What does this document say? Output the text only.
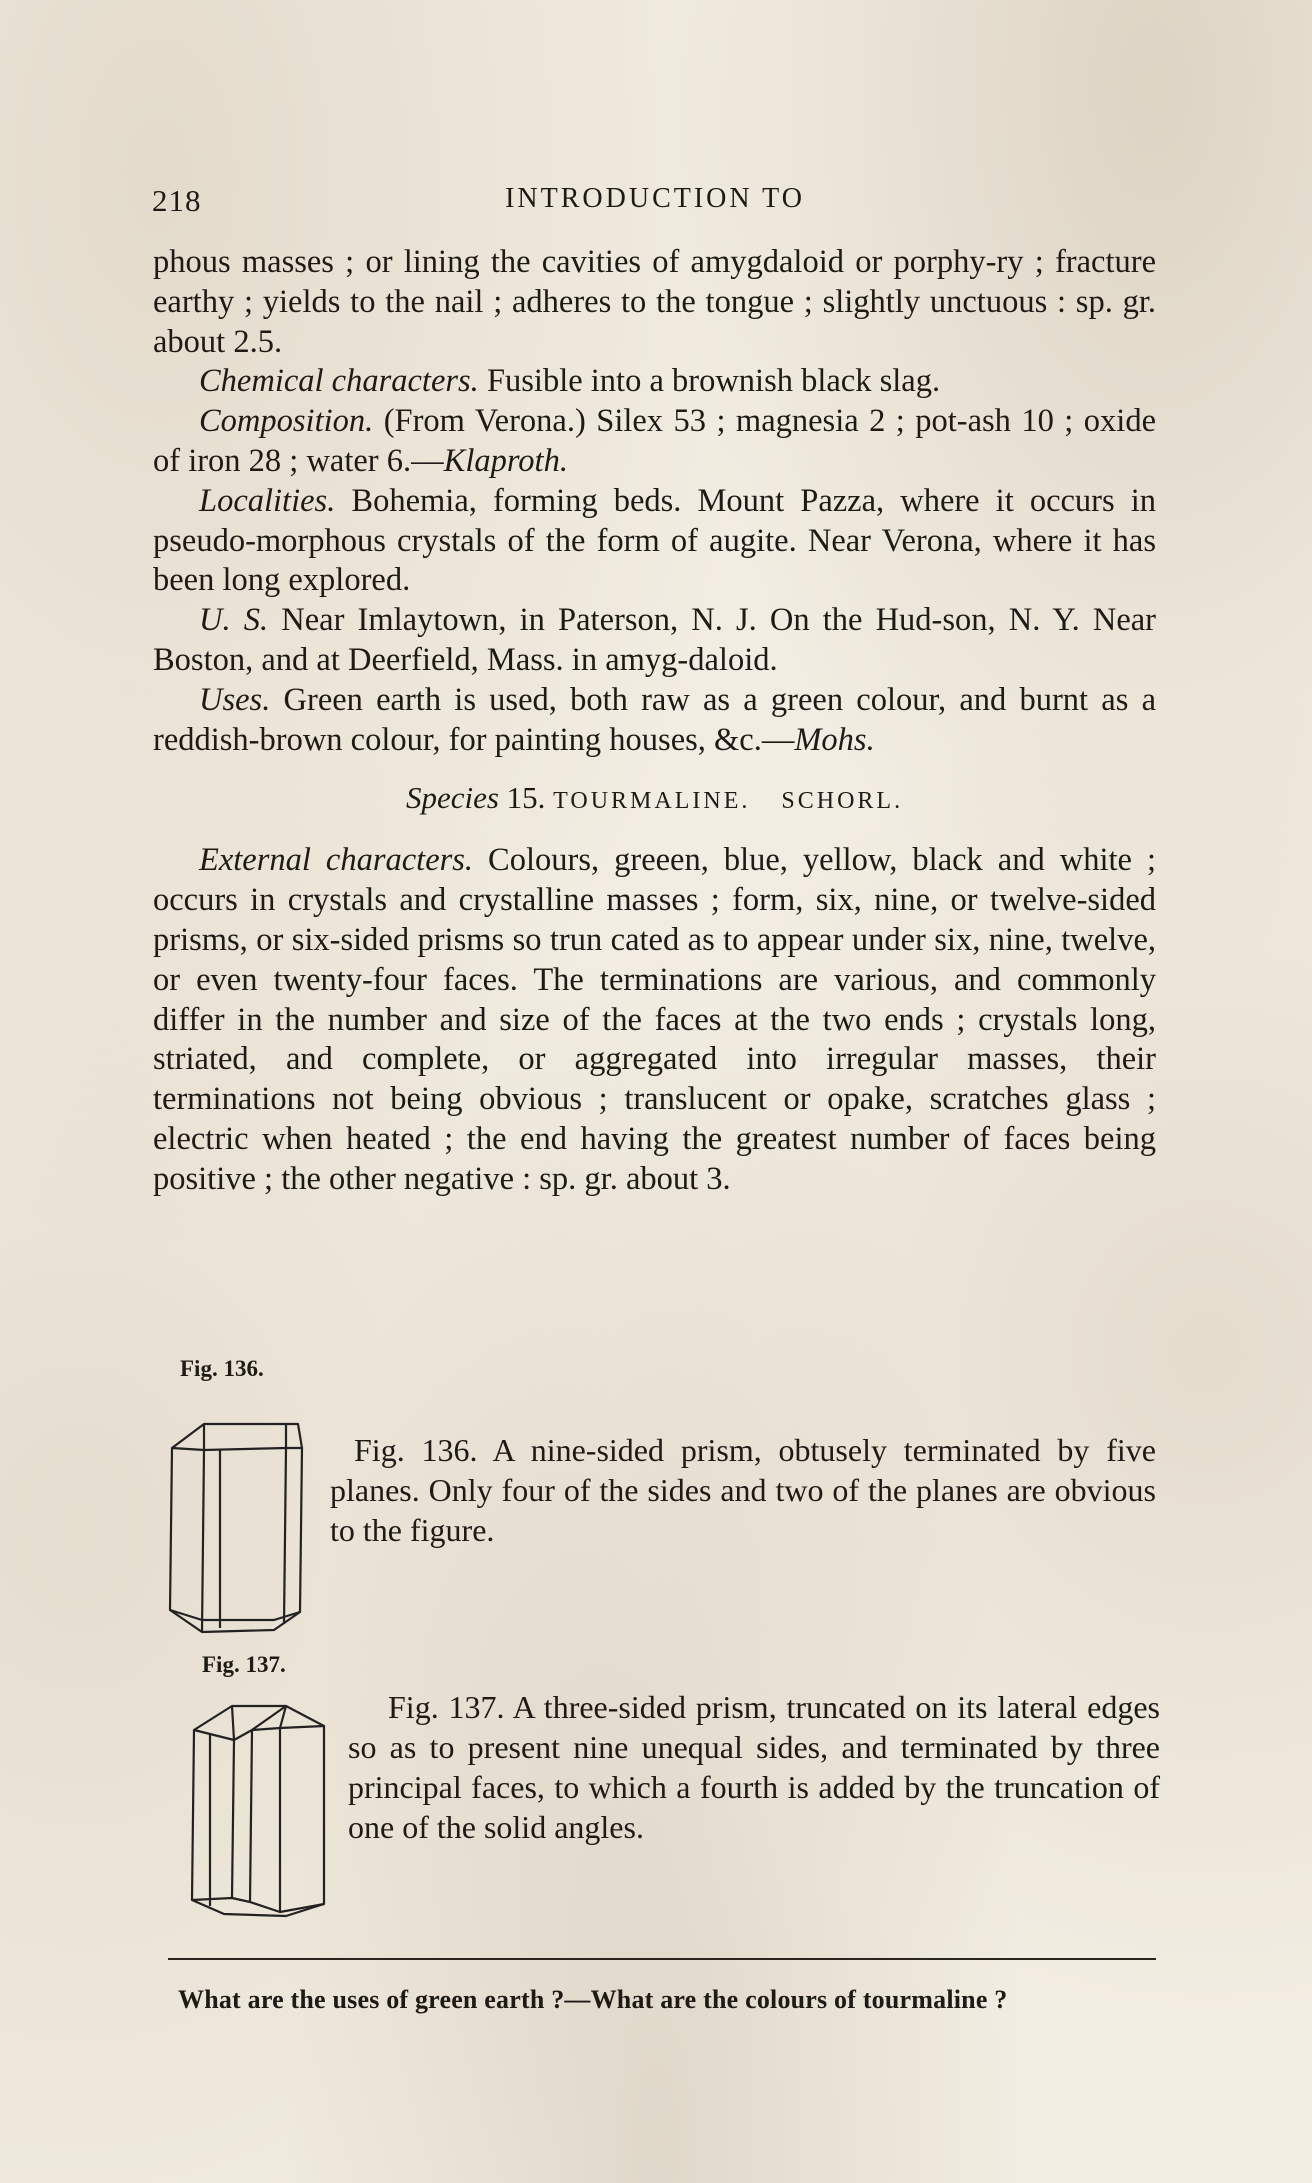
218	INTRODUCTION TO

phous masses ; or lining the cavities of amygdaloid or porphy-ry ; fracture earthy ; yields to the nail ; adheres to the tongue ; slightly unctuous : sp. gr. about 2.5.

Chemical characters. Fusible into a brownish black slag.

Composition. (From Verona.) Silex 53 ; magnesia 2 ; pot-ash 10 ; oxide of iron 28 ; water 6.—Klaproth.

Localities. Bohemia, forming beds. Mount Pazza, where it occurs in pseudo-morphous crystals of the form of augite. Near Verona, where it has been long explored.

U. S. Near Imlaytown, in Paterson, N. J. On the Hud-son, N. Y. Near Boston, and at Deerfield, Mass. in amyg-daloid.

Uses. Green earth is used, both raw as a green colour, and burnt as a reddish-brown colour, for painting houses, &c.—Mohs.

Species 15. TOURMALINE. SCHORL.

External characters. Colours, greeen, blue, yellow, black and white ; occurs in crystals and crystalline masses ; form, six, nine, or twelve-sided prisms, or six-sided prisms so trun cated as to appear under six, nine, twelve, or even twenty-four faces. The terminations are various, and commonly differ in the number and size of the faces at the two ends ; crystals long, striated, and complete, or aggregated into irregular masses, their terminations not being obvious ; translucent or opake, scratches glass ; electric when heated ; the end having the greatest number of faces being positive ; the other negative : sp. gr. about 3.

Fig. 136.
Fig. 136. A nine-sided prism, obtusely terminated by five planes. Only four of the sides and two of the planes are obvious to the figure.
Fig. 137.
Fig. 137. A three-sided prism, truncated on its lateral edges so as to present nine unequal sides, and terminated by three principal faces, to which a fourth is added by the truncation of one of the solid angles.
What are the uses of green earth ?—What are the colours of tourmaline ?
